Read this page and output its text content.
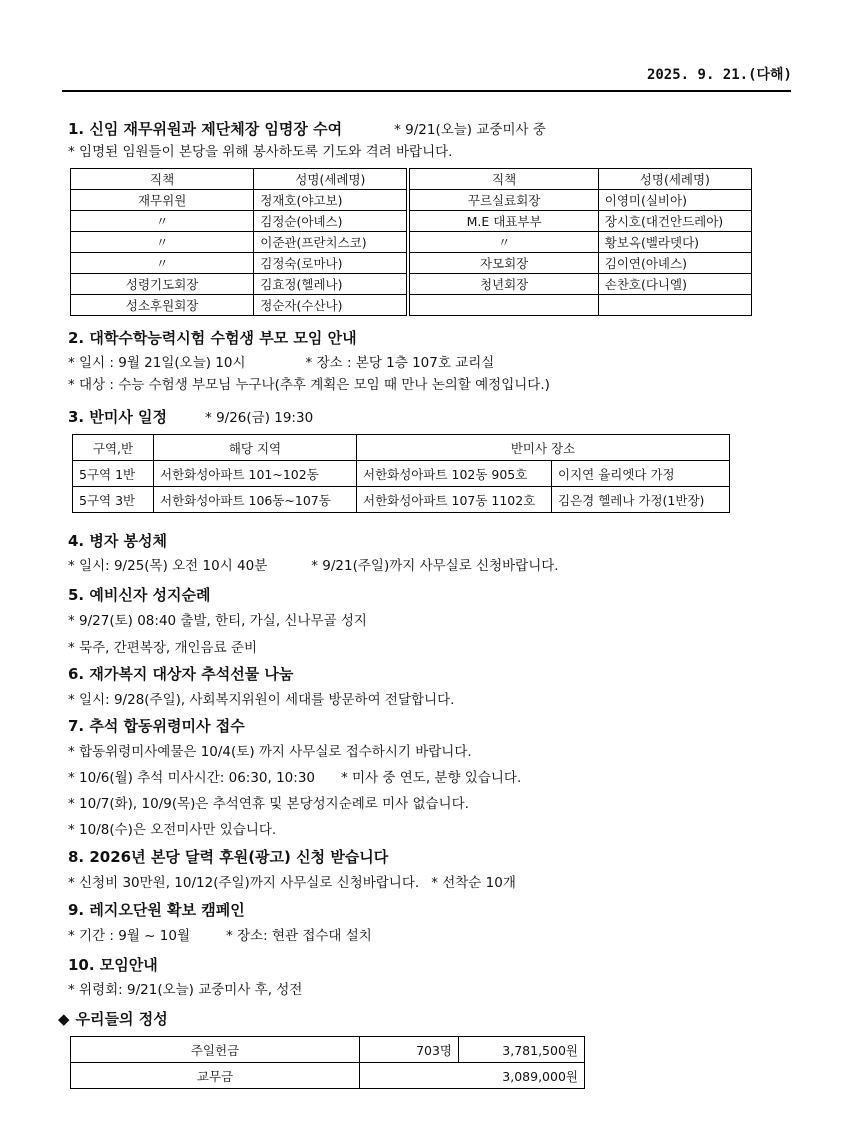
2025. 9. 21.(다해)
1. 신임 재무위원과 제단체장 임명장 수여	* 9/21(오늘) 교중미사 중
* 임명된 임원들이 본당을 위해 봉사하도록 기도와 격려 바랍니다.
직책	성명(세례명)	직책	성명(세례명)
재무위원	정재호(야고보)	꾸르실료회장	이영미(실비아)
〃	김정순(아녜스)	M.E 대표부부	장시호(대건안드레아)
〃	이준관(프란치스코)	〃	황보옥(벨라뎃다)
〃	김정숙(로마나)	자모회장	김이연(아녜스)
성령기도회장	김효정(헬레나)	청년회장	손찬호(다니엘)
성소후원회장	정순자(수산나)		
2. 대학수학능력시험 수험생 부모 모임 안내
* 일시 : 9월 21일(오늘) 10시	* 장소 : 본당 1층 107호 교리실
* 대상 : 수능 수험생 부모님 누구나(추후 계획은 모임 때 만나 논의할 예정입니다.)
3. 반미사 일정	* 9/26(금) 19:30
구역,반	해당 지역	반미사 장소	
5구역 1반	서한화성아파트 101~102동	서한화성아파트 102동 905호	이지연 율리엣다 가정
5구역 3반	서한화성아파트 106동~107동	서한화성아파트 107동 1102호	김은경 헬레나 가정(1반장)
4. 병자 봉성체
* 일시: 9/25(목) 오전 10시 40분	* 9/21(주일)까지 사무실로 신청바랍니다.
5. 예비신자 성지순례
* 9/27(토) 08:40 출발, 한티, 가실, 신나무골 성지
* 묵주, 간편복장, 개인음료 준비
6. 재가복지 대상자 추석선물 나눔
* 일시: 9/28(주일), 사회복지위원이 세대를 방문하여 전달합니다.
7. 추석 합동위령미사 접수
* 합동위령미사예물은 10/4(토) 까지 사무실로 접수하시기 바랍니다.
* 10/6(월) 추석 미사시간: 06:30, 10:30 * 미사 중 연도, 분향 있습니다.
* 10/7(화), 10/9(목)은 추석연휴 및 본당성지순례로 미사 없습니다.
* 10/8(수)은 오전미사만 있습니다.
8. 2026년 본당 달력 후원(광고) 신청 받습니다
* 신청비 30만원, 10/12(주일)까지 사무실로 신청바랍니다. * 선착순 10개
9. 레지오단원 확보 캠페인
* 기간 : 9월 ~ 10월	* 장소: 현관 접수대 설치
10. 모임안내
* 위령회: 9/21(오늘) 교중미사 후, 성전
◆ 우리들의 정성
주일헌금	703명	3,781,500원
교무금	3,089,000원	
